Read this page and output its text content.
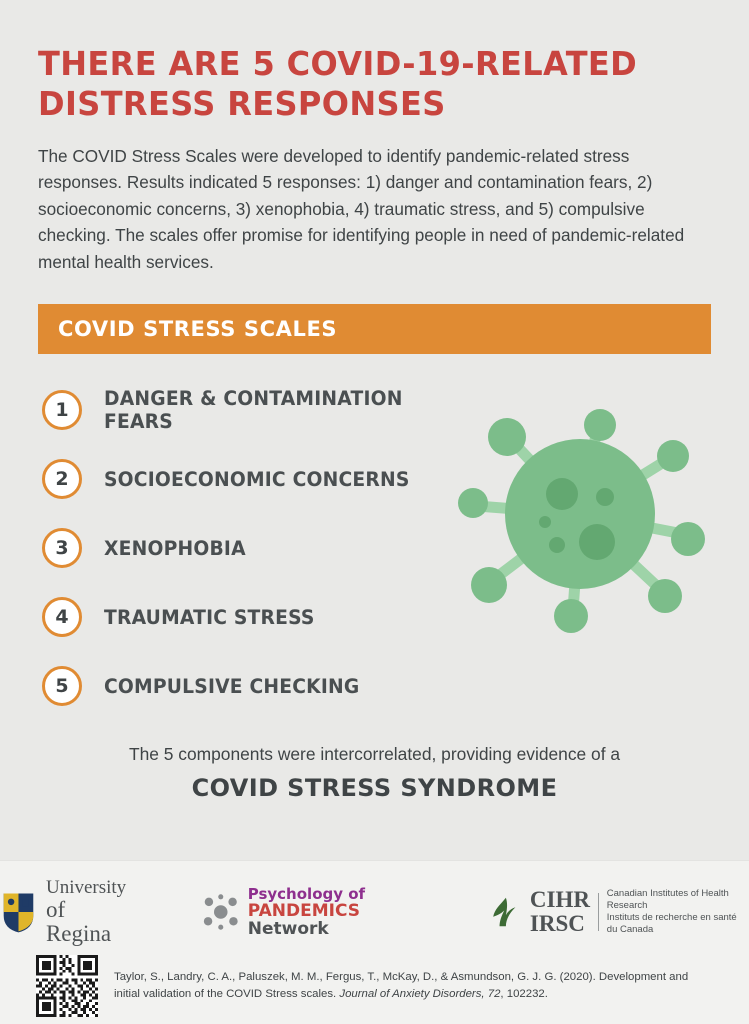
THERE ARE 5 COVID-19-RELATED DISTRESS RESPONSES

The COVID Stress Scales were developed to identify pandemic-related stress responses. Results indicated 5 responses: 1) danger and contamination fears, 2) socioeconomic concerns, 3) xenophobia, 4) traumatic stress, and 5) compulsive checking. The scales offer promise for identifying people in need of pandemic-related mental health services.

COVID STRESS SCALES
1	DANGER & CONTAMINATION FEARS
2	SOCIOECONOMIC CONCERNS
3	XENOPHOBIA
4	TRAUMATIC STRESS
5	COMPULSIVE CHECKING
The 5 components were intercorrelated, providing evidence of a
COVID STRESS SYNDROME
University
of Regina
Psychology of
PANDEMICS Network
CIHR
IRSC
Canadian Institutes of Health Research
Instituts de recherche en santé du Canada
Taylor, S., Landry, C. A., Paluszek, M. M., Fergus, T., McKay, D., & Asmundson, G. J. G. (2020). Development and initial validation of the COVID Stress scales. Journal of Anxiety Disorders, 72, 102232.
